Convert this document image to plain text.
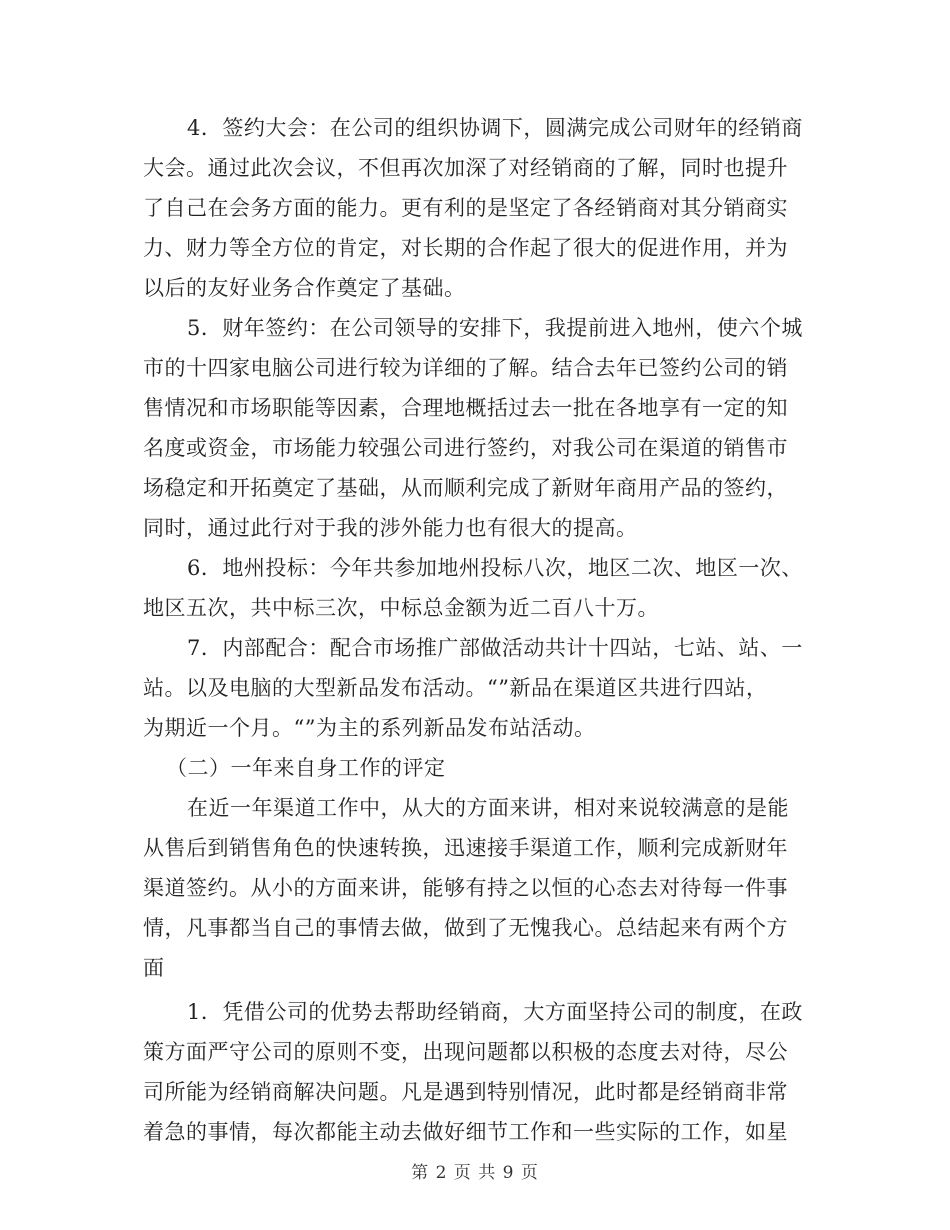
4．签约大会：在公司的组织协调下，圆满完成公司财年的经销商
大会。通过此次会议，不但再次加深了对经销商的了解，同时也提升
了自己在会务方面的能力。更有利的是坚定了各经销商对其分销商实
力、财力等全方位的肯定，对长期的合作起了很大的促进作用，并为
以后的友好业务合作奠定了基础。
5．财年签约：在公司领导的安排下，我提前进入地州，使六个城
市的十四家电脑公司进行较为详细的了解。结合去年已签约公司的销
售情况和市场职能等因素，合理地概括过去一批在各地享有一定的知
名度或资金，市场能力较强公司进行签约，对我公司在渠道的销售市
场稳定和开拓奠定了基础，从而顺利完成了新财年商用产品的签约，
同时，通过此行对于我的涉外能力也有很大的提高。
6．地州投标：今年共参加地州投标八次，地区二次、地区一次、
地区五次，共中标三次，中标总金额为近二百八十万。
7．内部配合：配合市场推广部做活动共计十四站，七站、站、一
站。以及电脑的大型新品发布活动。“”新品在渠道区共进行四站，
为期近一个月。“”为主的系列新品发布站活动。
（二）一年来自身工作的评定
在近一年渠道工作中，从大的方面来讲，相对来说较满意的是能
从售后到销售角色的快速转换，迅速接手渠道工作，顺利完成新财年
渠道签约。从小的方面来讲，能够有持之以恒的心态去对待每一件事
情，凡事都当自己的事情去做，做到了无愧我心。总结起来有两个方
面
1．凭借公司的优势去帮助经销商，大方面坚持公司的制度，在政
策方面严守公司的原则不变，出现问题都以积极的态度去对待，尽公
司所能为经销商解决问题。凡是遇到特别情况，此时都是经销商非常
着急的事情，每次都能主动去做好细节工作和一些实际的工作，如星
第 2 页 共 9 页
